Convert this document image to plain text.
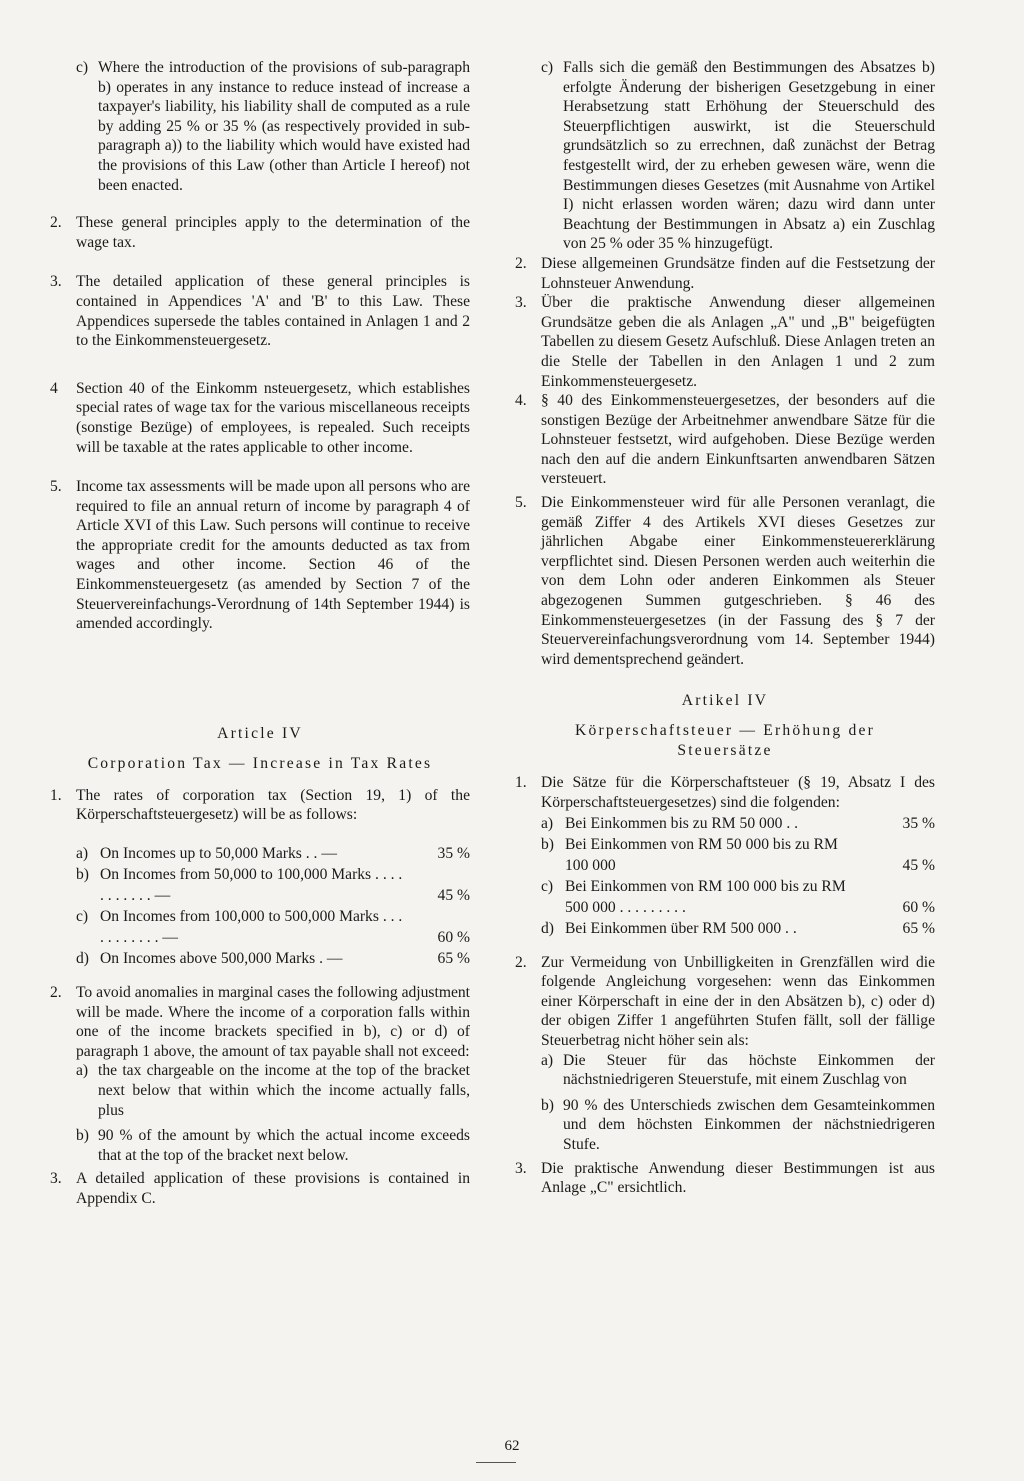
c) Where the introduction of the provisions of sub-paragraph b) operates in any instance to reduce instead of increase a taxpayer's liability, his liability shall de computed as a rule by adding 25 % or 35 % (as respectively provided in sub-paragraph a)) to the liability which would have existed had the provisions of this Law (other than Article I hereof) not been enacted.

2. These general principles apply to the determination of the wage tax.

3. The detailed application of these general principles is contained in Appendices 'A' and 'B' to this Law. These Appendices supersede the tables contained in Anlagen 1 and 2 to the Einkommensteuergesetz.

4	Section 40 of the Einkomm nsteuergesetz, which establishes special rates of wage tax for the various miscellaneous receipts (sonstige Bezüge) of employees, is repealed. Such receipts will be taxable at the rates applicable to other income.

5. Income tax assessments will be made upon all persons who are required to file an annual return of income by paragraph 4 of Article XVI of this Law. Such persons will continue to receive the appropriate credit for the amounts deducted as tax from wages and other income. Section 46 of the Einkommensteuergesetz (as amended by Section 7 of the Steuervereinfachungs-Verordnung of 14th September 1944) is amended accordingly.

Article IV
Corporation Tax — Increase in Tax Rates
1. The rates of corporation tax (Section 19, 1) of the Körperschaftsteuergesetz) will be as follows:

a) On Incomes up to 50,000 Marks . . —	35 %
b) On Incomes from 50,000 to 100,000 Marks . . . . . . . . . . . —	45 %
c) On Incomes from 100,000 to 500,000 Marks . . . . . . . . . . . —	60 %
d) On Incomes above 500,000 Marks . —	65 %
2. To avoid anomalies in marginal cases the following adjustment will be made. Where the income of a corporation falls within one of the income brackets specified in b), c) or d) of paragraph 1 above, the amount of tax payable shall not exceed:

a) the tax chargeable on the income at the top of the bracket next below that within which the income actually falls, plus

b) 90 % of the amount by which the actual income exceeds that at the top of the bracket next below.

3. A detailed application of these provisions is contained in Appendix C.

c) Falls sich die gemäß den Bestimmungen des Absatzes b) erfolgte Änderung der bisherigen Gesetzgebung in einer Herabsetzung statt Erhöhung der Steuerschuld des Steuerpflichtigen auswirkt, ist die Steuerschuld grundsätzlich so zu errechnen, daß zunächst der Betrag festgestellt wird, der zu erheben gewesen wäre, wenn die Bestimmungen dieses Gesetzes (mit Ausnahme von Artikel I) nicht erlassen worden wären; dazu wird dann unter Beachtung der Bestimmungen in Absatz a) ein Zuschlag von 25 % oder 35 % hinzugefügt.

2. Diese allgemeinen Grundsätze finden auf die Festsetzung der Lohnsteuer Anwendung.

3. Über die praktische Anwendung dieser allgemeinen Grundsätze geben die als Anlagen „A" und „B" beigefügten Tabellen zu diesem Gesetz Aufschluß. Diese Anlagen treten an die Stelle der Tabellen in den Anlagen 1 und 2 zum Einkommensteuergesetz.

4. § 40 des Einkommensteuergesetzes, der besonders auf die sonstigen Bezüge der Arbeitnehmer anwendbare Sätze für die Lohnsteuer festsetzt, wird aufgehoben. Diese Bezüge werden nach den auf die andern Einkunftsarten anwendbaren Sätzen versteuert.

5. Die Einkommensteuer wird für alle Personen veranlagt, die gemäß Ziffer 4 des Artikels XVI dieses Gesetzes zur jährlichen Abgabe einer Einkommensteuererklärung verpflichtet sind. Diesen Personen werden auch weiterhin die von dem Lohn oder anderen Einkommen als Steuer abgezogenen Summen gutgeschrieben. § 46 des Einkommensteuergesetzes (in der Fassung des § 7 der Steuervereinfachungsverordnung vom 14. September 1944) wird dementsprechend geändert.

Artikel IV
Körperschaftsteuer — Erhöhung der Steuersätze
1. Die Sätze für die Körperschaftsteuer (§ 19, Absatz I des Körperschaftsteuergesetzes) sind die folgenden:

a) Bei Einkommen bis zu RM 50 000 . .	35 %
b) Bei Einkommen von RM 50 000 bis zu RM 100 000	45 %
c) Bei Einkommen von RM 100 000 bis zu RM 500 000 . . . . . . . . .	60 %
d) Bei Einkommen über RM 500 000 . .	65 %
2. Zur Vermeidung von Unbilligkeiten in Grenzfällen wird die folgende Angleichung vorgesehen: wenn das Einkommen einer Körperschaft in eine der in den Absätzen b), c) oder d) der obigen Ziffer 1 angeführten Stufen fällt, soll der fällige Steuerbetrag nicht höher sein als:

a) Die Steuer für das höchste Einkommen der nächstniedrigeren Steuerstufe, mit einem Zuschlag von

b) 90 % des Unterschieds zwischen dem Gesamteinkommen und dem höchsten Einkommen der nächstniedrigeren Stufe.

3. Die praktische Anwendung dieser Bestimmungen ist aus Anlage „C" ersichtlich.

62
